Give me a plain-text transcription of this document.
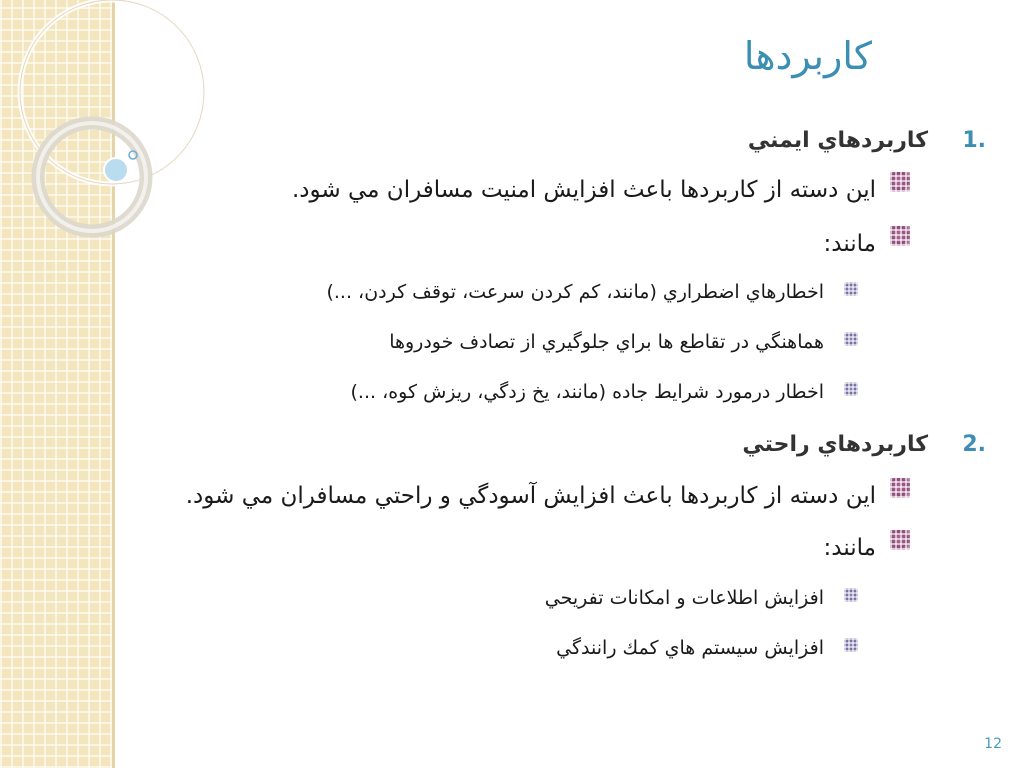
کاربردها
1.
كاربردهاي ايمني
اين دسته از كاربردها باعث افزايش امنيت مسافران مي شود.
مانند:
اخطارهاي اضطراري (مانند، كم كردن سرعت، توقف كردن، ...)
هماهنگي در تقاطع ها براي جلوگيري از تصادف خودروها
اخطار درمورد شرايط جاده (مانند، يخ زدگي، ريزش كوه، ...)
2.
كاربردهاي راحتي
اين دسته از كاربردها باعث افزايش آسودگي و راحتي مسافران مي شود.
مانند:
افزايش اطلاعات و امكانات تفريحي
افزايش سيستم هاي كمك رانندگي
12
